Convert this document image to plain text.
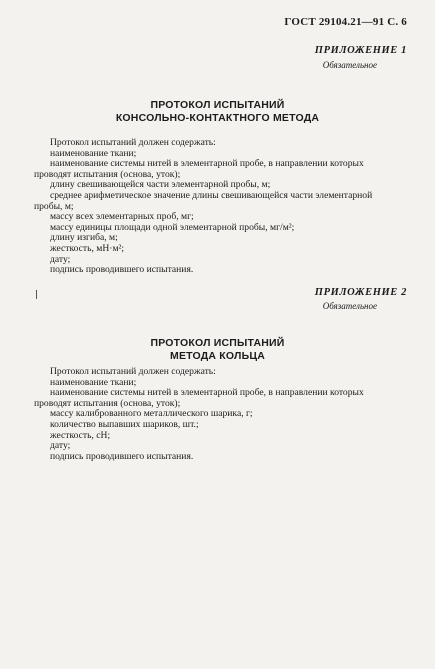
ГОСТ 29104.21—91 С. 6
ПРИЛОЖЕНИЕ 1
Обязательное
ПРОТОКОЛ ИСПЫТАНИЙ
КОНСОЛЬНО-КОНТАКТНОГО МЕТОДА
Протокол испытаний должен содержать:
наименование ткани;
наименование системы нитей в элементарной пробе, в направлении которых
проводят испытания (основа, уток);
длину свешивающейся части элементарной пробы, м;
среднее арифметическое значение длины свешивающейся части элементарной
пробы, м;
массу всех элементарных проб, мг;
массу единицы площади одной элементарной пробы, мг/м²;
длину изгиба, м;
жесткость, мН·м²;
дату;
подпись проводившего испытания.
ПРИЛОЖЕНИЕ 2
Обязательное
ПРОТОКОЛ ИСПЫТАНИЙ
МЕТОДА КОЛЬЦА
Протокол испытаний должен содержать:
наименование ткани;
наименование системы нитей в элементарной пробе, в направлении которых
проводят испытания (основа, уток);
массу калиброванного металлического шарика, г;
количество выпавших шариков, шт.;
жесткость, сН;
дату;
подпись проводившего испытания.
